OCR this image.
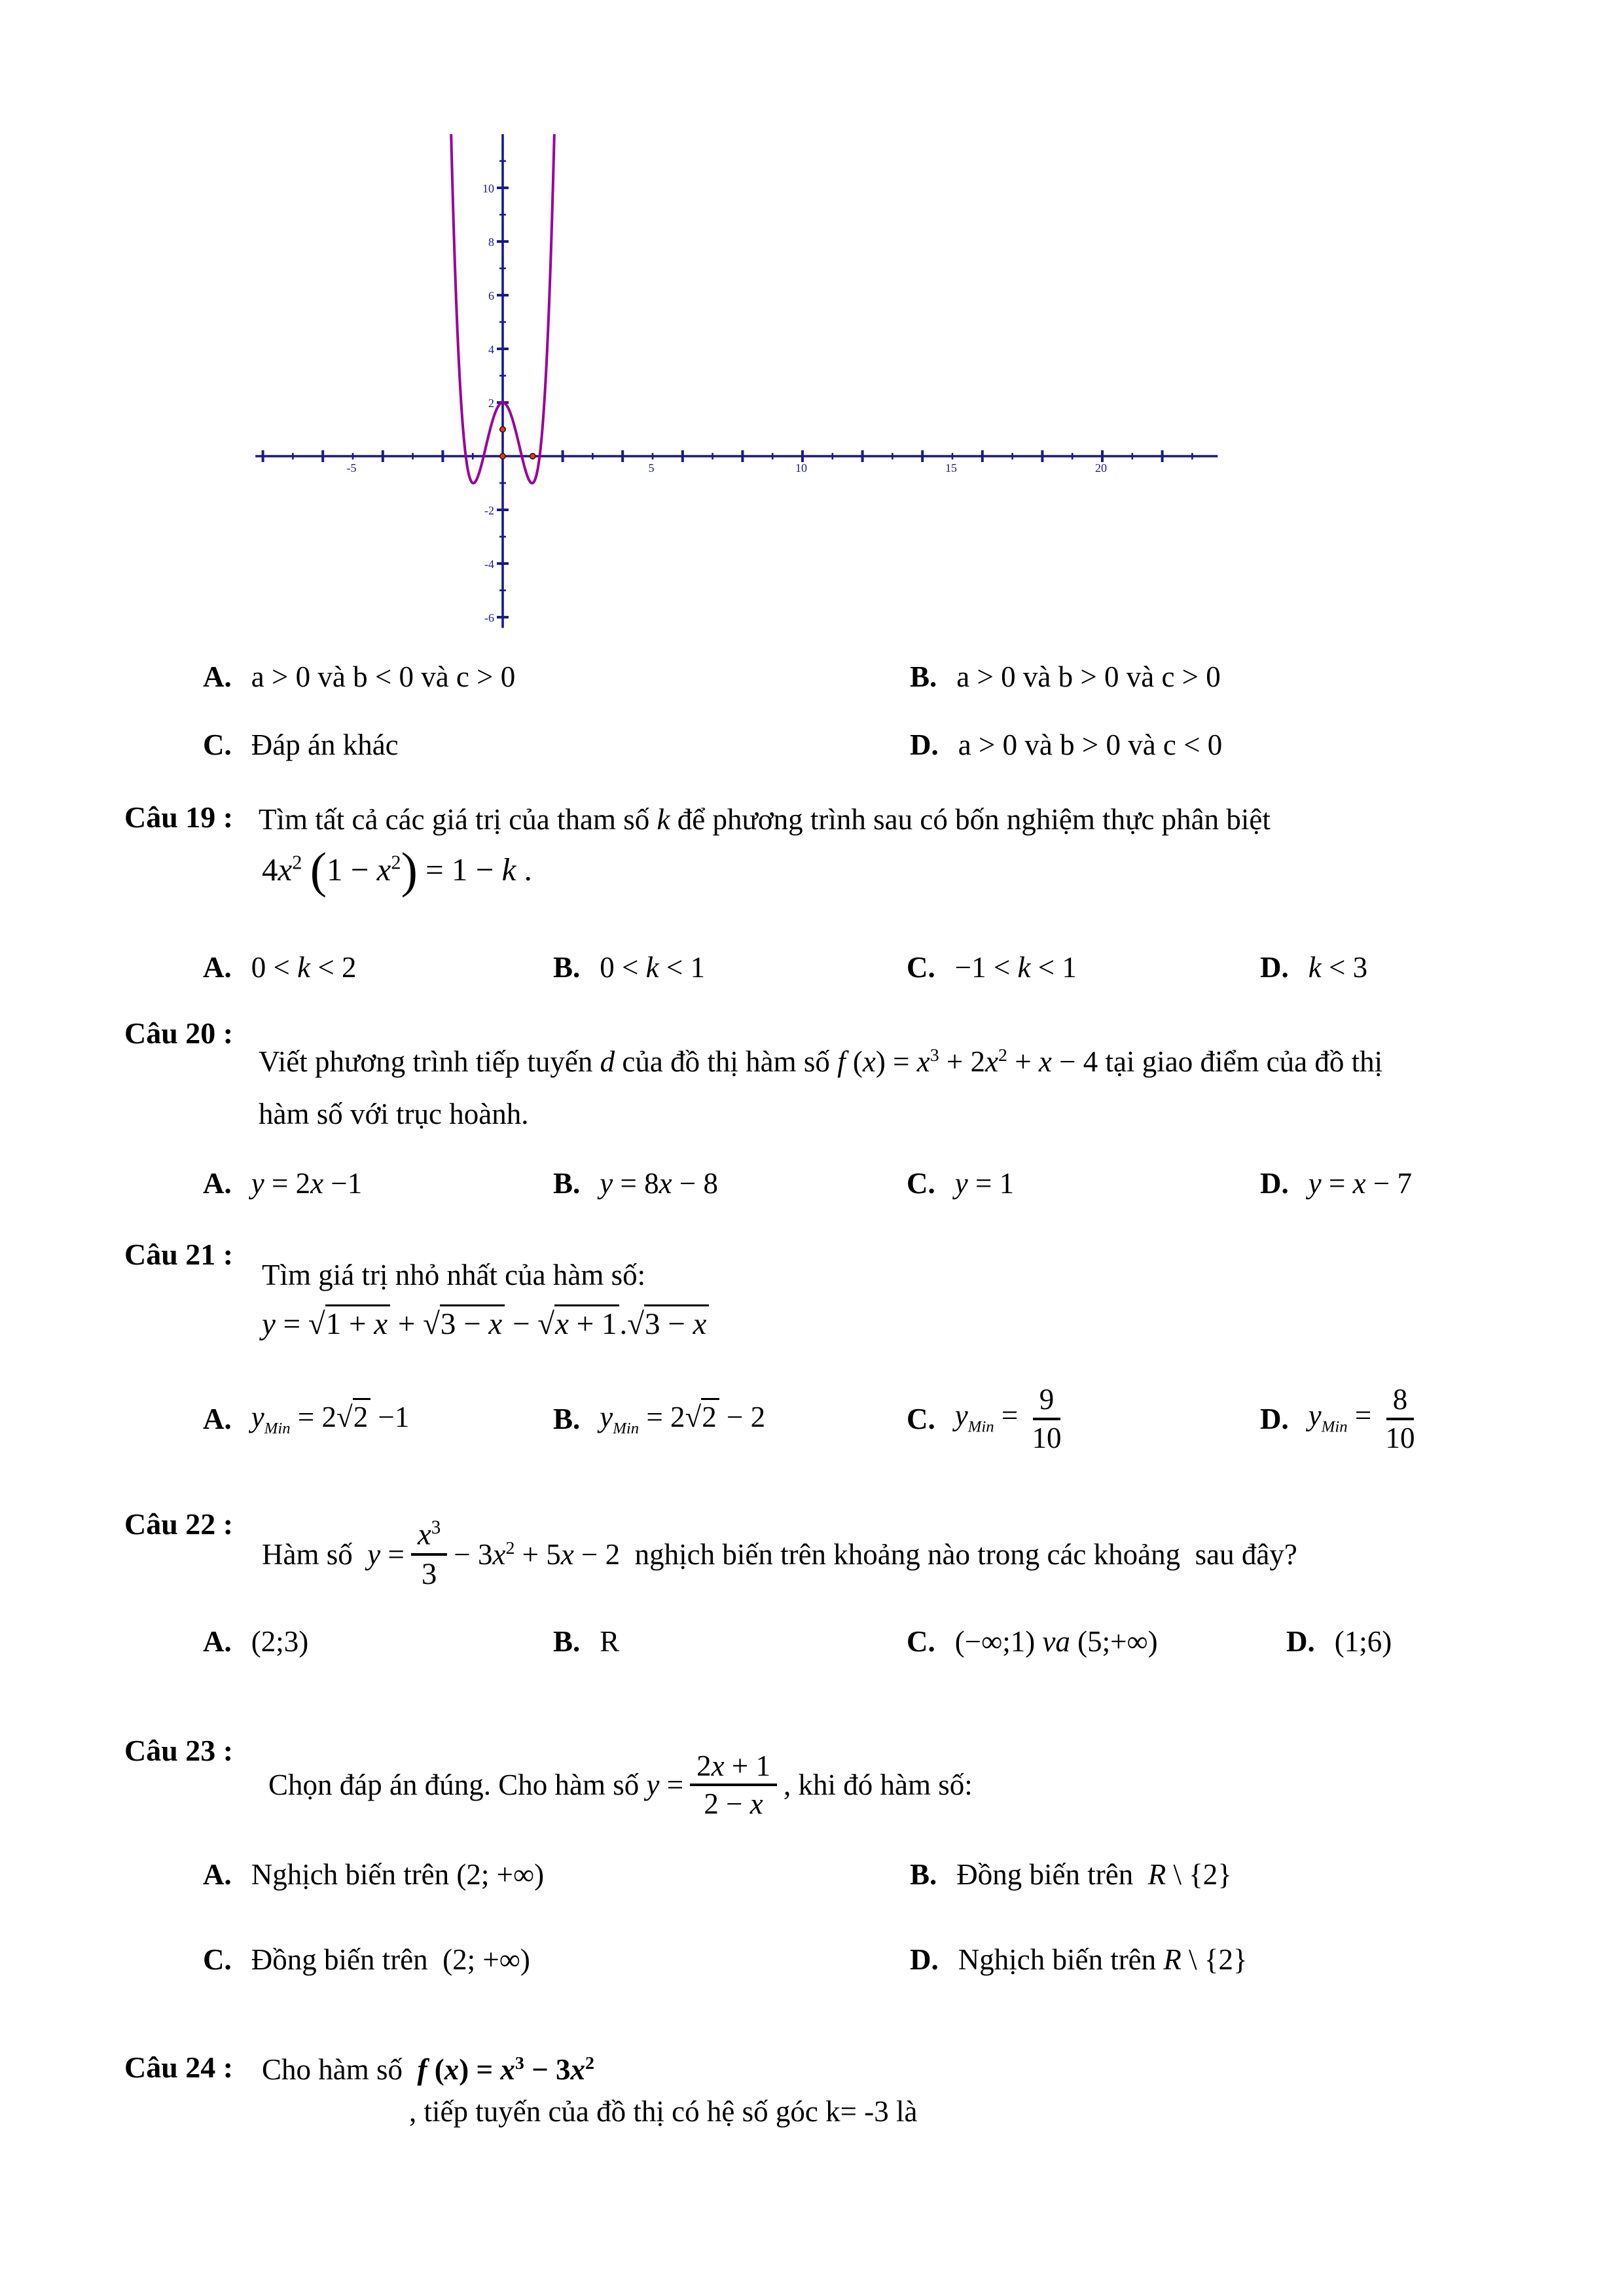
-5	5	10	15	20
10
8
6
4
2
-2
-4
-6
A. a > 0 và b < 0 và c > 0	B. a > 0 và b > 0 và c > 0
C. Đáp án khác	D. a > 0 và b > 0 và c < 0
Câu 19 : Tìm tất cả các giá trị của tham số k để phương trình sau có bốn nghiệm thực phân biệt
$4x^2$ $(1 - x^2) = 1 - k$ .
A. 0 < k < 2	B. 0 < k < 1	C. −1 < k < 1	D. k < 3
Câu 20 :
Viết phương trình tiếp tuyến d của đồ thị hàm số f $(x) = x^3 + 2x^2 + x - 4$ tại giao điểm của đồ thị
hàm số với trục hoành.
A. y = 2x −1	B. y = 8x − 8	C. y = 1	D. y = x − 7
Câu 21 :
Tìm giá trị nhỏ nhất của hàm số:
y = √1 + x + √3 − x − √x + 1.√3 − x
A. $y_{Min} = 2√2 -1$	B. $y_{Min} = 2√2 - 2$	C. $y_{Min} = \frac{9}{10}$	D. $y_{Min} = \frac{8}{10}$
Câu 22 :
Hàm số  $y = \frac{x^3}{3} - 3x^2 + 5x - 2$  nghịch biến trên khoảng nào trong các khoảng  sau đây?
A. (2;3)	B. R	C. (−∞;1) va (5;+∞)	D. (1;6)
Câu 23 :
Chọn đáp án đúng. Cho hàm số $y = \frac{2x + 1}{2 - x}$ , khi đó hàm số:
A. Nghịch biến trên (2; +∞)	B. Đồng biến trên  R \ {2}
C. Đồng biến trên  (2; +∞)	D. Nghịch biến trên R \ {2}
Câu 24 : Cho hàm số  f $(x) = x^3 - 3x^2$
, tiếp tuyến của đồ thị có hệ số góc k= -3 là
